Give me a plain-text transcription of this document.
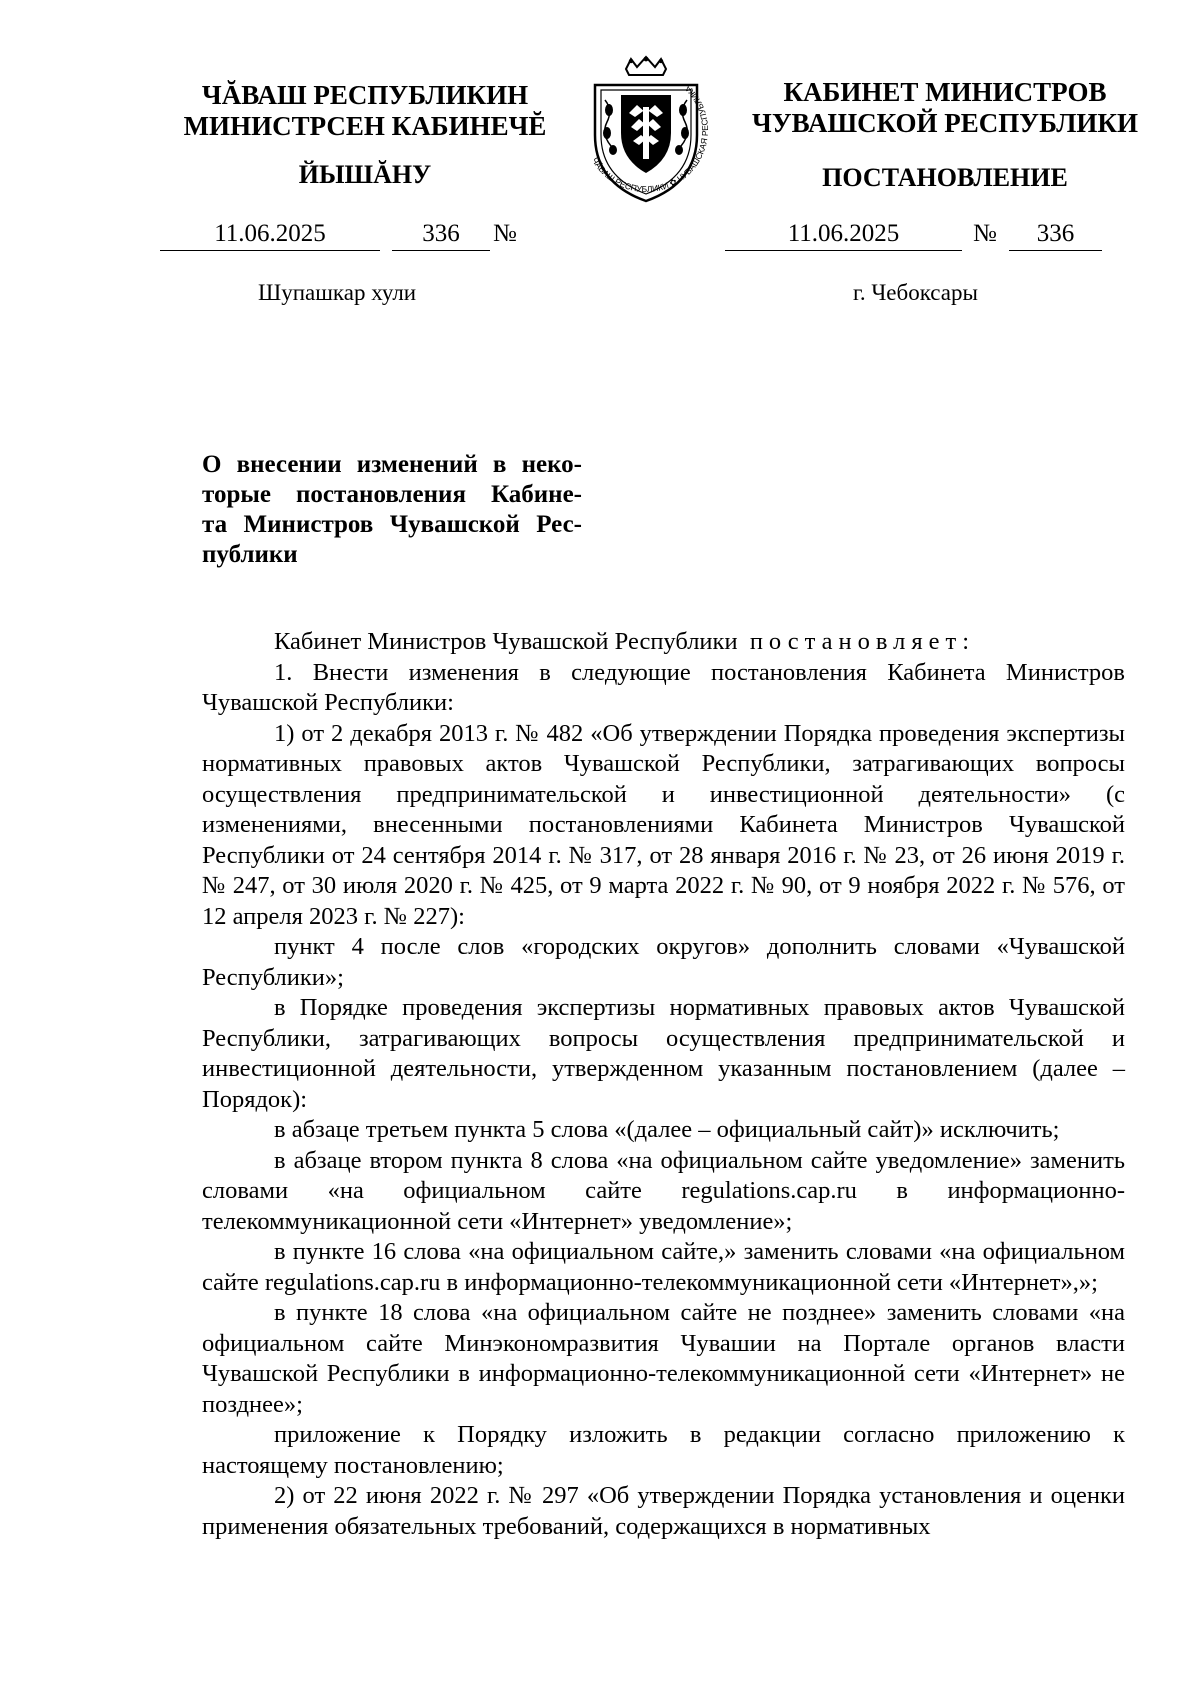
ЧĂВАШ РЕСПУБЛИКИН
МИНИСТРСЕН КАБИНЕЧĔ
ЙЫШĂНУ	ЧĂВАШ РЕСПУБЛИКИ ✿ ЧУВАШСКАЯ РЕСПУБЛИКА	КАБИНЕТ МИНИСТРОВ
ЧУВАШСКОЙ РЕСПУБЛИКИ
ПОСТАНОВЛЕНИЕ
11.06.2025	336	№	11.06.2025	№	336
Шупашкар хули	г. Чебоксары
О внесении изменений в неко-
торые постановления Кабине-
та Министров Чувашской Рес-
публики

Кабинет Министров Чувашской Республики постановляет:

1. Внести изменения в следующие постановления Кабинета Министров Чувашской Республики:

1) от 2 декабря 2013 г. № 482 «Об утверждении Порядка проведения экспертизы нормативных правовых актов Чувашской Республики, затрагивающих вопросы осуществления предпринимательской и инвестиционной деятельности» (с изменениями, внесенными постановлениями Кабинета Министров Чувашской Республики от 24 сентября 2014 г. № 317, от 28 января 2016 г. № 23, от 26 июня 2019 г. № 247, от 30 июля 2020 г. № 425, от 9 марта 2022 г. № 90, от 9 ноября 2022 г. № 576, от 12 апреля 2023 г. № 227):

пункт 4 после слов «городских округов» дополнить словами «Чувашской Республики»;

в Порядке проведения экспертизы нормативных правовых актов Чувашской Республики, затрагивающих вопросы осуществления предпринимательской и инвестиционной деятельности, утвержденном указанным постановлением (далее – Порядок):

в абзаце третьем пункта 5 слова «(далее – официальный сайт)» исключить;

в абзаце втором пункта 8 слова «на официальном сайте уведомление» заменить словами «на официальном сайте regulations.cap.ru в информационно-телекоммуникационной сети «Интернет» уведомление»;

в пункте 16 слова «на официальном сайте,» заменить словами «на официальном сайте regulations.cap.ru в информационно-телекоммуникационной сети «Интернет»,»;

в пункте 18 слова «на официальном сайте не позднее» заменить словами «на официальном сайте Минэкономразвития Чувашии на Портале органов власти Чувашской Республики в информационно-телекоммуникационной сети «Интернет» не позднее»;

приложение к Порядку изложить в редакции согласно приложению к настоящему постановлению;

2) от 22 июня 2022 г. № 297 «Об утверждении Порядка установления и оценки применения обязательных требований, содержащихся в нормативных
